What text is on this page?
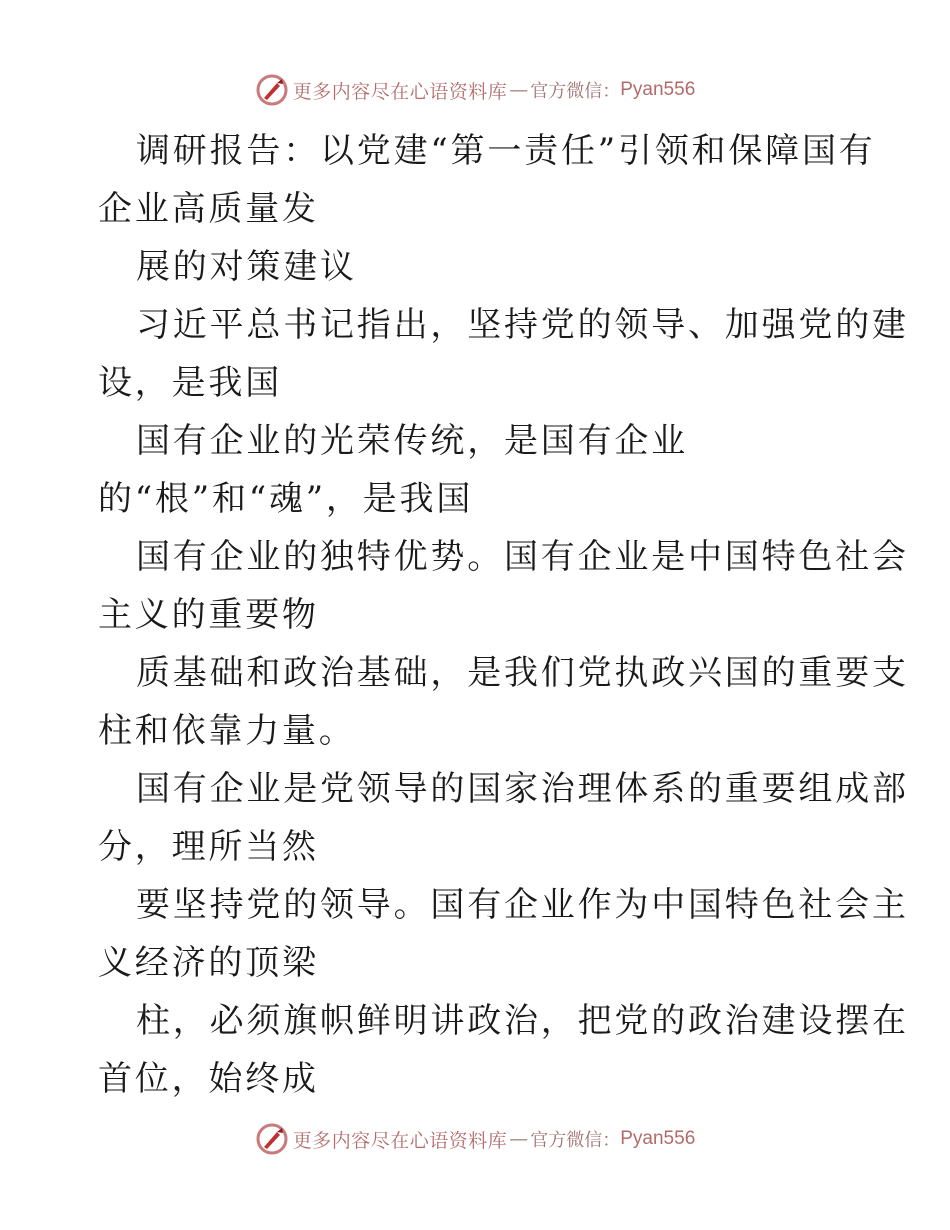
更多内容尽在心语资料库 — 官方微信： Pyan556
调研报告：以党建“第一责任”引领和保障国有
企业高质量发
展的对策建议
习近平总书记指出，坚持党的领导、加强党的建
设，是我国
国有企业的光荣传统，是国有企业
的“根”和“魂”，是我国
国有企业的独特优势。国有企业是中国特色社会
主义的重要物
质基础和政治基础，是我们党执政兴国的重要支
柱和依靠力量。
国有企业是党领导的国家治理体系的重要组成部
分，理所当然
要坚持党的领导。国有企业作为中国特色社会主
义经济的顶梁
柱，必须旗帜鲜明讲政治，把党的政治建设摆在
首位，始终成
更多内容尽在心语资料库 — 官方微信： Pyan556
